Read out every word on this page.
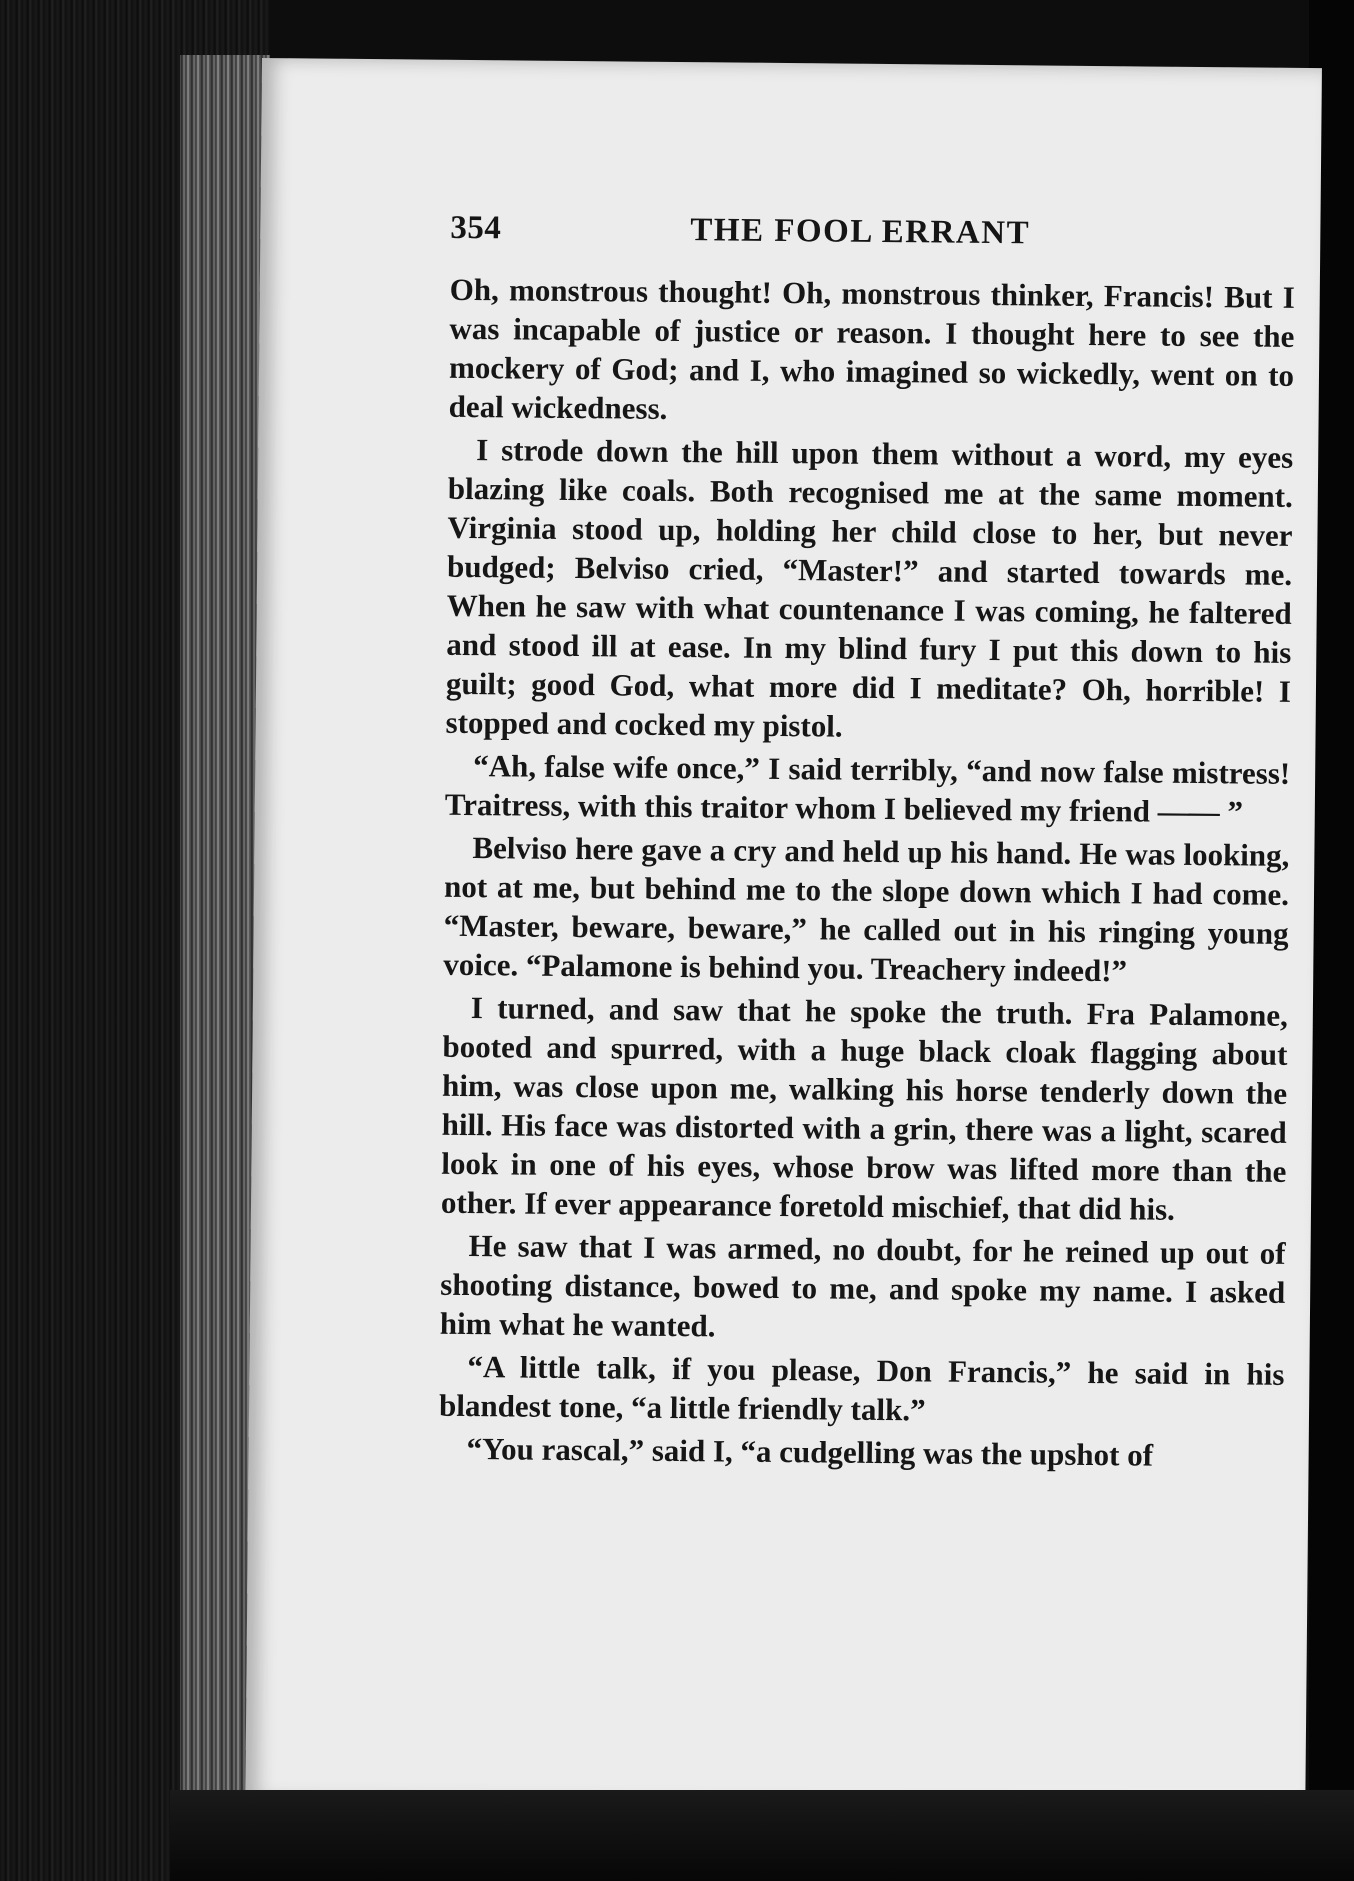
354	THE FOOL ERRANT

Oh, monstrous thought! Oh, monstrous thinker, Francis! But I was incapable of justice or reason. I thought here to see the mockery of God; and I, who imagined so wickedly, went on to deal wickedness.

I strode down the hill upon them without a word, my eyes blazing like coals. Both recognised me at the same moment. Virginia stood up, holding her child close to her, but never budged; Belviso cried, “Master!” and started towards me. When he saw with what countenance I was coming, he faltered and stood ill at ease. In my blind fury I put this down to his guilt; good God, what more did I meditate? Oh, horrible! I stopped and cocked my pistol.

“Ah, false wife once,” I said terribly, “and now false mistress! Traitress, with this traitor whom I believed my friend —— ”

Belviso here gave a cry and held up his hand. He was looking, not at me, but behind me to the slope down which I had come. “Master, beware, beware,” he called out in his ringing young voice. “Palamone is behind you. Treachery indeed!”

I turned, and saw that he spoke the truth. Fra Palamone, booted and spurred, with a huge black cloak flagging about him, was close upon me, walking his horse tenderly down the hill. His face was distorted with a grin, there was a light, scared look in one of his eyes, whose brow was lifted more than the other. If ever appearance foretold mischief, that did his.

He saw that I was armed, no doubt, for he reined up out of shooting distance, bowed to me, and spoke my name. I asked him what he wanted.

“A little talk, if you please, Don Francis,” he said in his blandest tone, “a little friendly talk.”

“You rascal,” said I, “a cudgelling was the upshot of
